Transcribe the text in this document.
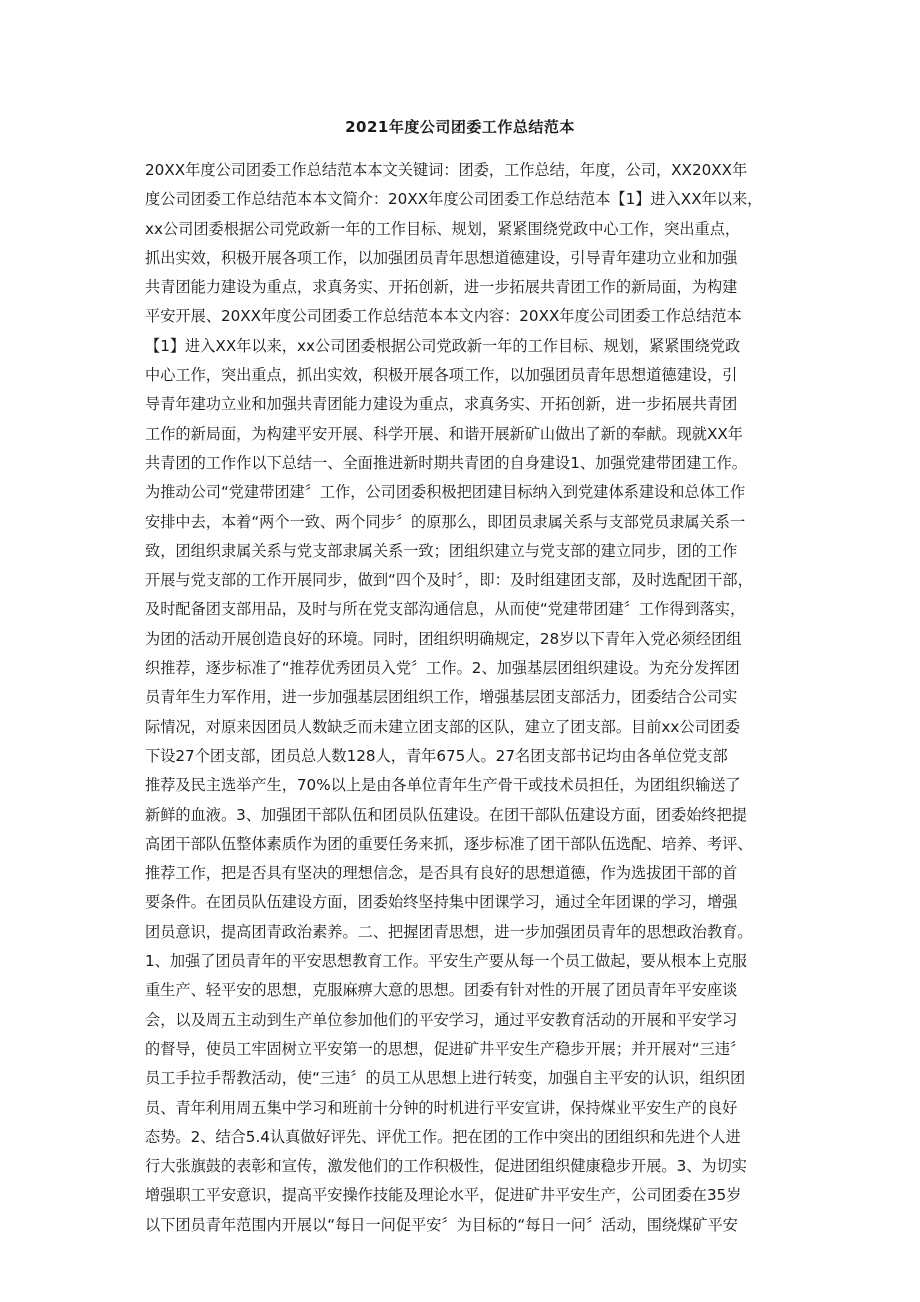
2021年度公司团委工作总结范本
20XX年度公司团委工作总结范本本文关键词：团委，工作总结，年度，公司，XX20XX年
度公司团委工作总结范本本文简介：20XX年度公司团委工作总结范本【1】进入XX年以来，
xx公司团委根据公司党政新一年的工作目标、规划，紧紧围绕党政中心工作，突出重点，
抓出实效，积极开展各项工作，以加强团员青年思想道德建设，引导青年建功立业和加强
共青团能力建设为重点，求真务实、开拓创新，进一步拓展共青团工作的新局面，为构建
平安开展、20XX年度公司团委工作总结范本本文内容：20XX年度公司团委工作总结范本
【1】进入XX年以来，xx公司团委根据公司党政新一年的工作目标、规划，紧紧围绕党政
中心工作，突出重点，抓出实效，积极开展各项工作，以加强团员青年思想道德建设，引
导青年建功立业和加强共青团能力建设为重点，求真务实、开拓创新，进一步拓展共青团
工作的新局面，为构建平安开展、科学开展、和谐开展新矿山做出了新的奉献。现就XX年
共青团的工作作以下总结一、全面推进新时期共青团的自身建设1、加强党建带团建工作。
为推动公司“党建带团建〞工作，公司团委积极把团建目标纳入到党建体系建设和总体工作
安排中去，本着“两个一致、两个同步〞的原那么，即团员隶属关系与支部党员隶属关系一
致，团组织隶属关系与党支部隶属关系一致；团组织建立与党支部的建立同步，团的工作
开展与党支部的工作开展同步，做到“四个及时〞，即：及时组建团支部，及时选配团干部，
及时配备团支部用品，及时与所在党支部沟通信息，从而使“党建带团建〞工作得到落实，
为团的活动开展创造良好的环境。同时，团组织明确规定，28岁以下青年入党必须经团组
织推荐，逐步标准了“推荐优秀团员入党〞工作。2、加强基层团组织建设。为充分发挥团
员青年生力军作用，进一步加强基层团组织工作，增强基层团支部活力，团委结合公司实
际情况，对原来因团员人数缺乏而未建立团支部的区队，建立了团支部。目前xx公司团委
下设27个团支部，团员总人数128人，青年675人。27名团支部书记均由各单位党支部
推荐及民主选举产生，70%以上是由各单位青年生产骨干或技术员担任，为团组织输送了
新鲜的血液。3、加强团干部队伍和团员队伍建设。在团干部队伍建设方面，团委始终把提
高团干部队伍整体素质作为团的重要任务来抓，逐步标准了团干部队伍选配、培养、考评、
推荐工作，把是否具有坚决的理想信念，是否具有良好的思想道德，作为选拔团干部的首
要条件。在团员队伍建设方面，团委始终坚持集中团课学习，通过全年团课的学习，增强
团员意识，提高团青政治素养。二、把握团青思想，进一步加强团员青年的思想政治教育。
1、加强了团员青年的平安思想教育工作。平安生产要从每一个员工做起，要从根本上克服
重生产、轻平安的思想，克服麻痹大意的思想。团委有针对性的开展了团员青年平安座谈
会，以及周五主动到生产单位参加他们的平安学习，通过平安教育活动的开展和平安学习
的督导，使员工牢固树立平安第一的思想，促进矿井平安生产稳步开展；并开展对“三违〞
员工手拉手帮教活动，使“三违〞的员工从思想上进行转变，加强自主平安的认识，组织团
员、青年利用周五集中学习和班前十分钟的时机进行平安宣讲，保持煤业平安生产的良好
态势。2、结合5.4认真做好评先、评优工作。把在团的工作中突出的团组织和先进个人进
行大张旗鼓的表彰和宣传，激发他们的工作积极性，促进团组织健康稳步开展。3、为切实
增强职工平安意识，提高平安操作技能及理论水平，促进矿井平安生产，公司团委在35岁
以下团员青年范围内开展以“每日一问促平安〞为目标的“每日一问〞活动，围绕煤矿平安
